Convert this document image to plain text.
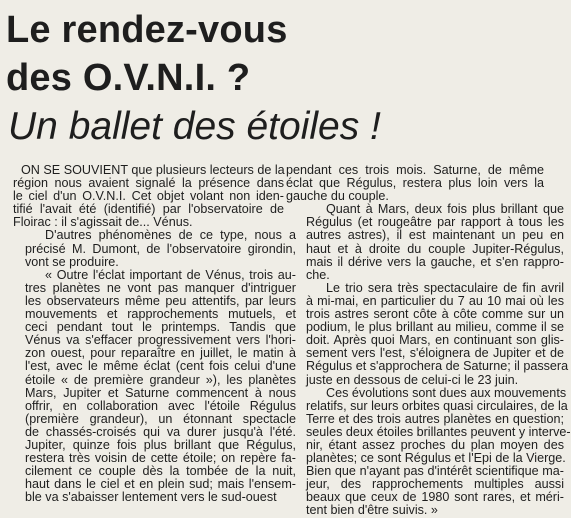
Le rendez-vous
des O.V.N.I. ?
Un ballet des étoiles !

ON SE SOUVIENT que plusieurs lecteurs de la
région nous avaient signalé la présence dans
le ciel d'un O.V.N.I. Cet objet volant non iden-
tifié l'avait été (identifié) par l'observatoire de
Floirac : il s'agissait de... Vénus.

D'autres phénomènes de ce type, nous a
précisé M. Dumont, de l'observatoire girondin,
vont se produire.

« Outre l'éclat important de Vénus, trois au-
tres planètes ne vont pas manquer d'intriguer
les observateurs même peu attentifs, par leurs
mouvements et rapprochements mutuels, et
ceci pendant tout le printemps. Tandis que
Vénus va s'effacer progressivement vers l'hori-
zon ouest, pour reparaître en juillet, le matin à
l'est, avec le même éclat (cent fois celui d'une
étoile « de première grandeur »), les planètes
Mars, Jupiter et Saturne commencent à nous
offrir, en collaboration avec l'étoile Régulus
(première grandeur), un étonnant spectacle
de chassés-croisés qui va durer jusqu'à l'été.
Jupiter, quinze fois plus brillant que Régulus,
restera très voisin de cette étoile; on repère fa-
cilement ce couple dès la tombée de la nuit,
haut dans le ciel et en plein sud; mais l'ensem-
ble va s'abaisser lentement vers le sud-ouest

pendant ces trois mois. Saturne, de même
éclat que Régulus, restera plus loin vers la
gauche du couple.

Quant à Mars, deux fois plus brillant que
Régulus (et rougeâtre par rapport à tous les
autres astres), il est maintenant un peu en
haut et à droite du couple Jupiter-Régulus,
mais il dérive vers la gauche, et s'en rappro-
che.

Le trio sera très spectaculaire de fin avril
à mi-mai, en particulier du 7 au 10 mai où les
trois astres seront côte à côte comme sur un
podium, le plus brillant au milieu, comme il se
doit. Après quoi Mars, en continuant son glis-
sement vers l'est, s'éloignera de Jupiter et de
Régulus et s'approchera de Saturne; il passera
juste en dessous de celui-ci le 23 juin.

Ces évolutions sont dues aux mouvements
relatifs, sur leurs orbites quasi circulaires, de la
Terre et des trois autres planètes en question;
seules deux étoiles brillantes peuvent y interve-
nir, étant assez proches du plan moyen des
planètes; ce sont Régulus et l'Epi de la Vierge.
Bien que n'ayant pas d'intérêt scientifique ma-
jeur, des rapprochements multiples aussi
beaux que ceux de 1980 sont rares, et méri-
tent bien d'être suivis. »
